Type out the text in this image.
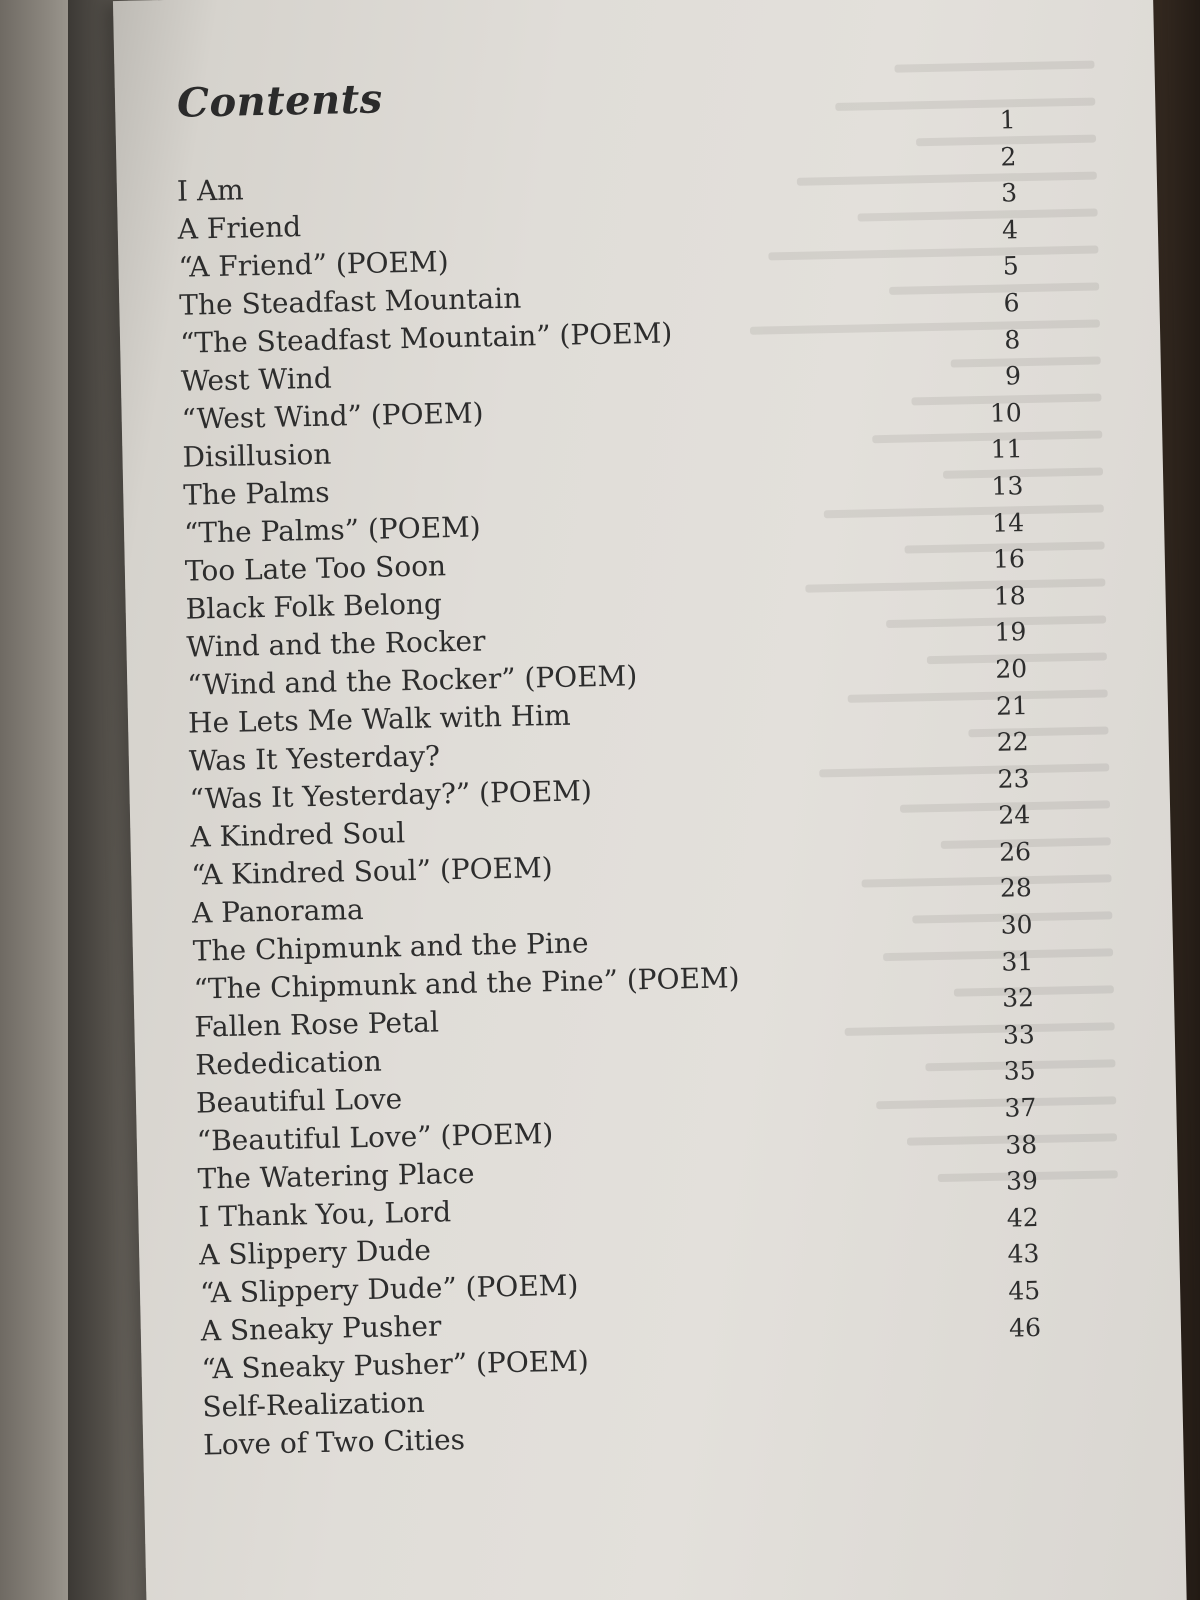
Contents
I Am
A Friend
“A Friend” (POEM)
The Steadfast Mountain
“The Steadfast Mountain” (POEM)
West Wind
“West Wind” (POEM)
Disillusion
The Palms
“The Palms” (POEM)
Too Late Too Soon
Black Folk Belong
Wind and the Rocker
“Wind and the Rocker” (POEM)
He Lets Me Walk with Him
Was It Yesterday?
“Was It Yesterday?” (POEM)
A Kindred Soul
“A Kindred Soul” (POEM)
A Panorama
The Chipmunk and the Pine
“The Chipmunk and the Pine” (POEM)
Fallen Rose Petal
Rededication
Beautiful Love
“Beautiful Love” (POEM)
The Watering Place
I Thank You, Lord
A Slippery Dude
“A Slippery Dude” (POEM)
A Sneaky Pusher
“A Sneaky Pusher” (POEM)
Self-Realization
Love of Two Cities
1
2
3
4
5
6
8
9
10
11
13
14
16
18
19
20
21
22
23
24
26
28
30
31
32
33
35
37
38
39
42
43
45
46
